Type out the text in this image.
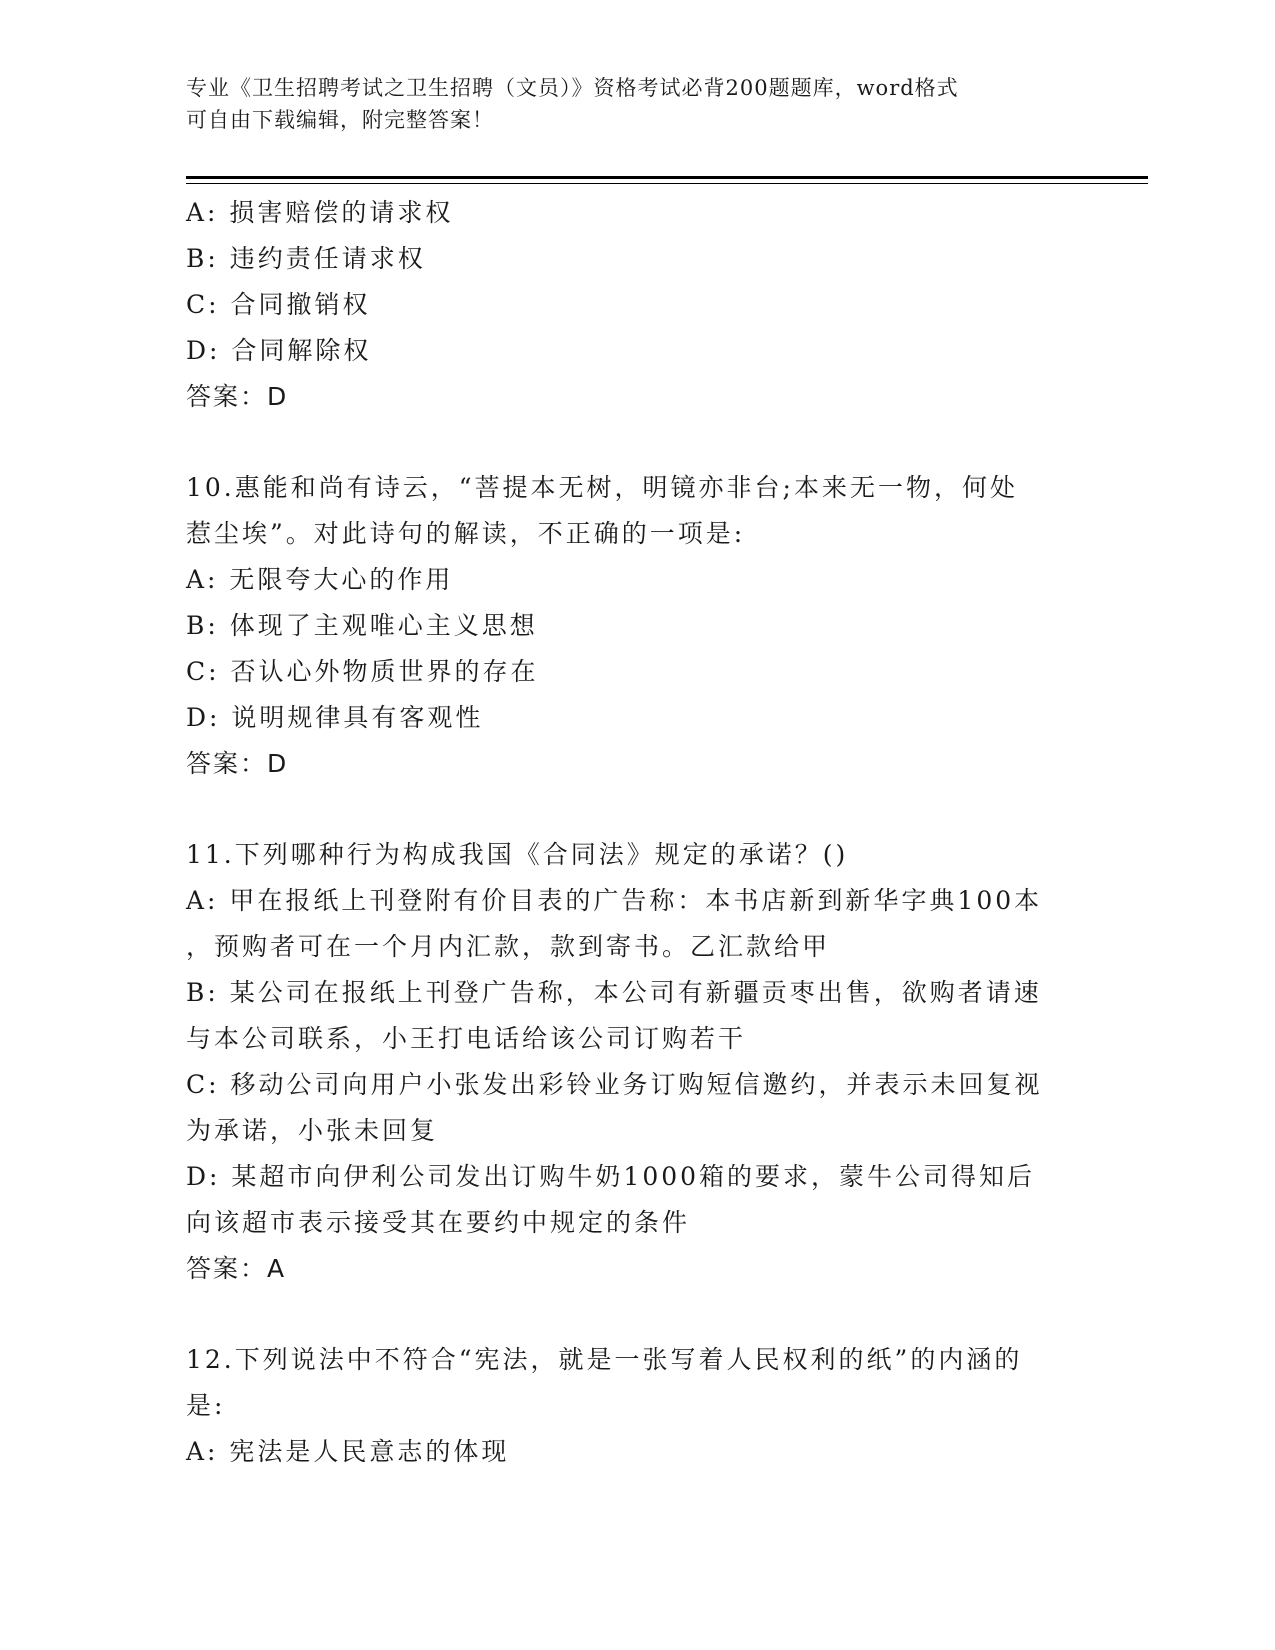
专业《卫生招聘考试之卫生招聘（文员）》资格考试必背200题题库，word格式
可自由下载编辑，附完整答案！
A: 损害赔偿的请求权
B: 违约责任请求权
C: 合同撤销权
D: 合同解除权
答案：D
10.惠能和尚有诗云，“菩提本无树，明镜亦非台;本来无一物，何处
惹尘埃”。对此诗句的解读，不正确的一项是:
A: 无限夸大心的作用
B: 体现了主观唯心主义思想
C: 否认心外物质世界的存在
D: 说明规律具有客观性
答案：D
11.下列哪种行为构成我国《合同法》规定的承诺？()
A: 甲在报纸上刊登附有价目表的广告称：本书店新到新华字典100本
，预购者可在一个月内汇款，款到寄书。乙汇款给甲
B: 某公司在报纸上刊登广告称，本公司有新疆贡枣出售，欲购者请速
与本公司联系，小王打电话给该公司订购若干
C: 移动公司向用户小张发出彩铃业务订购短信邀约，并表示未回复视
为承诺，小张未回复
D: 某超市向伊利公司发出订购牛奶1000箱的要求，蒙牛公司得知后
向该超市表示接受其在要约中规定的条件
答案：A
12.下列说法中不符合“宪法，就是一张写着人民权利的纸”的内涵的
是:
A: 宪法是人民意志的体现
